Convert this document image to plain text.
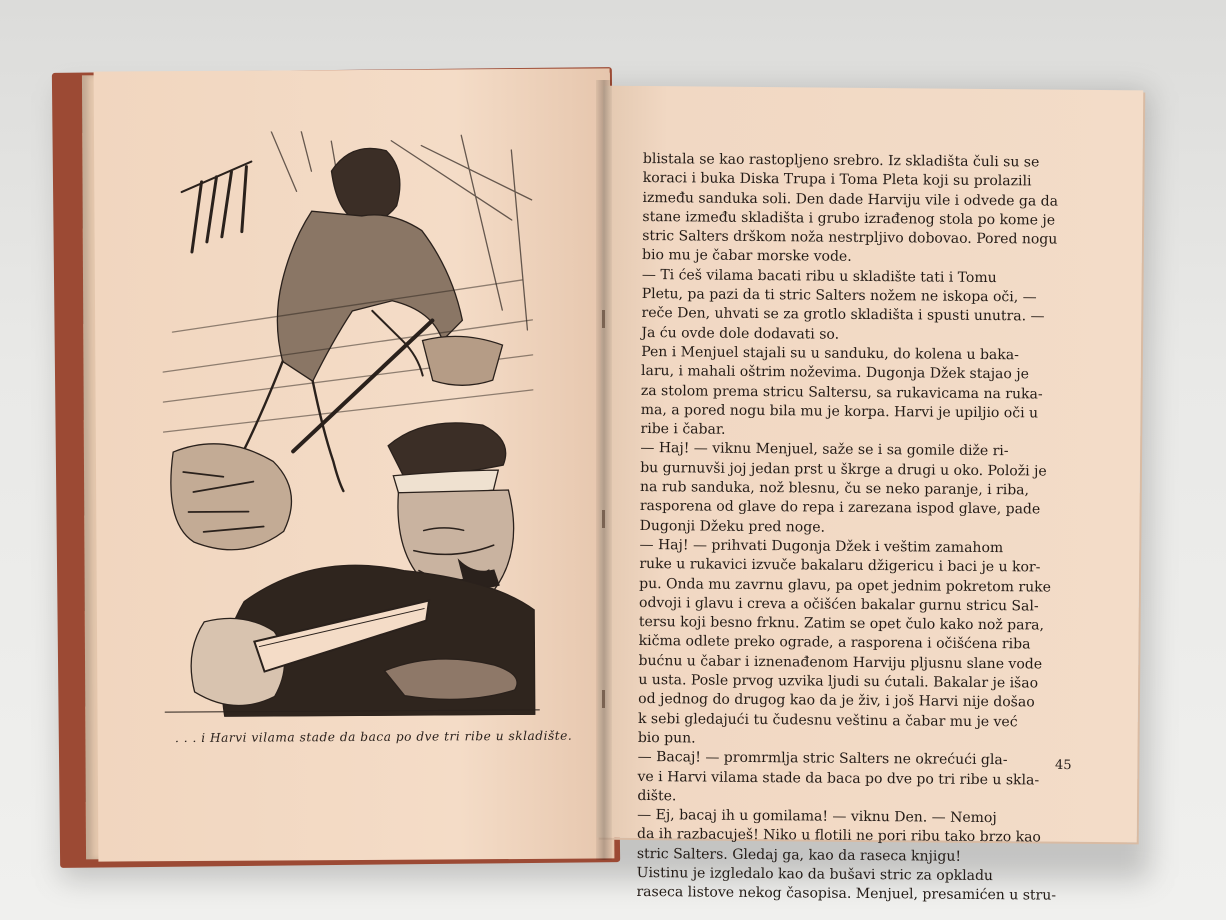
. . . i Harvi vilama stade da baca po dve tri ribe u skladište.
blistala se kao rastopljeno srebro. Iz skladišta čuli su se
koraci i buka Diska Trupa i Toma Pleta koji su prolazili
između sanduka soli. Den dade Harviju vile i odvede ga da
stane između skladišta i grubo izrađenog stola po kome je
stric Salters drškom noža nestrpljivo dobovao. Pored nogu
bio mu je čabar morske vode.
— Ti ćeš vilama bacati ribu u skladište tati i Tomu
Pletu, pa pazi da ti stric Salters nožem ne iskopa oči, —
reče Den, uhvati se za grotlo skladišta i spusti unutra. —
Ja ću ovde dole dodavati so.
Pen i Menjuel stajali su u sanduku, do kolena u baka-
laru, i mahali oštrim noževima. Dugonja Džek stajao je
za stolom prema stricu Saltersu, sa rukavicama na ruka-
ma, a pored nogu bila mu je korpa. Harvi je upiljio oči u
ribe i čabar.
— Haj! — viknu Menjuel, saže se i sa gomile diže ri-
bu gurnuvši joj jedan prst u škrge a drugi u oko. Položi je
na rub sanduka, nož blesnu, ču se neko paranje, i riba,
rasporena od glave do repa i zarezana ispod glave, pade
Dugonji Džeku pred noge.
— Haj! — prihvati Dugonja Džek i veštim zamahom
ruke u rukavici izvuče bakalaru džigericu i baci je u kor-
pu. Onda mu zavrnu glavu, pa opet jednim pokretom ruke
odvoji i glavu i creva a očišćen bakalar gurnu stricu Sal-
tersu koji besno frknu. Zatim se opet čulo kako nož para,
kičma odlete preko ograde, a rasporena i očišćena riba
bućnu u čabar i iznenađenom Harviju pljusnu slane vode
u usta. Posle prvog uzvika ljudi su ćutali. Bakalar je išao
od jednog do drugog kao da je živ, i još Harvi nije došao
k sebi gledajući tu čudesnu veštinu a čabar mu je već
bio pun.
— Bacaj! — promrmlja stric Salters ne okrećući gla-
ve i Harvi vilama stade da baca po dve po tri ribe u skla-
dište.
— Ej, bacaj ih u gomilama! — viknu Den. — Nemoj
da ih razbacuješ! Niko u flotili ne pori ribu tako brzo kao
stric Salters. Gledaj ga, kao da raseca knjigu!
Uistinu je izgledalo kao da bušavi stric za opkladu
raseca listove nekog časopisa. Menjuel, presamićen u stru-
45
